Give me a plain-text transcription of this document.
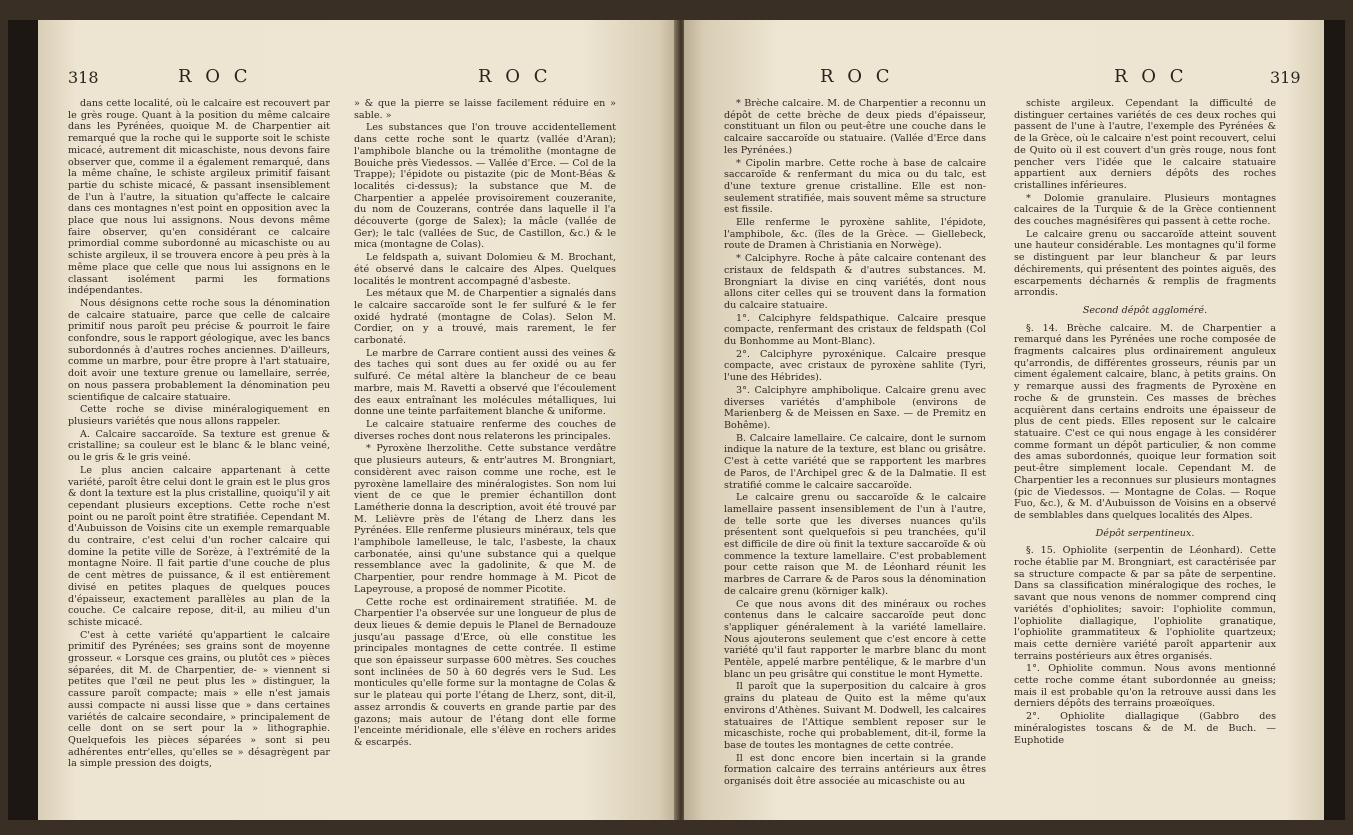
318	R O C	R O C

dans cette localité, où le calcaire est recouvert par le grès rouge. Quant à la position du même calcaire dans les Pyrénées, quoique M. de Charpentier ait remarqué que la roche qui le supporte soit le schiste micacé, autrement dit micaschiste, nous devons faire observer que, comme il a également remarqué, dans la même chaîne, le schiste argileux primitif faisant partie du schiste micacé, & passant insensiblement de l'un à l'autre, la situation qu'affecte le calcaire dans ces montagnes n'est point en opposition avec la place que nous lui assignons. Nous devons même faire observer, qu'en considérant ce calcaire primordial comme subordonné au micaschiste ou au schiste argileux, il se trouvera encore à peu près à la même place que celle que nous lui assignons en le classant isolément parmi les formations indépendantes.

Nous désignons cette roche sous la dénomination de calcaire statuaire, parce que celle de calcaire primitif nous paroît peu précise & pourroit le faire confondre, sous le rapport géologique, avec les bancs subordonnés à d'autres roches anciennes. D'ailleurs, comme un marbre, pour être propre à l'art statuaire, doit avoir une texture grenue ou lamellaire, serrée, on nous passera probablement la dénomination peu scientifique de calcaire statuaire.

Cette roche se divise minéralogiquement en plusieurs variétés que nous allons rappeler.

A. Calcaire saccaroïde. Sa texture est grenue & cristalline; sa couleur est le blanc & le blanc veiné, ou le gris & le gris veiné.

Le plus ancien calcaire appartenant à cette variété, paroît être celui dont le grain est le plus gros & dont la texture est la plus cristalline, quoiqu'il y ait cependant plusieurs exceptions. Cette roche n'est point ou ne paroît point être stratifiée. Cependant M. d'Aubuisson de Voisins cite un exemple remarquable du contraire, c'est celui d'un rocher calcaire qui domine la petite ville de Sorèze, à l'extrémité de la montagne Noire. Il fait partie d'une couche de plus de cent mètres de puissance, & il est entièrement divisé en petites plaques de quelques pouces d'épaisseur, exactement parallèles au plan de la couche. Ce calcaire repose, dit-il, au milieu d'un schiste micacé.

C'est à cette variété qu'appartient le calcaire primitif des Pyrénées; ses grains sont de moyenne grosseur. « Lorsque ces grains, ou plutôt ces » pièces séparées, dit M. de Charpentier, de- » viennent si petites que l'œil ne peut plus les » distinguer, la cassure paroît compacte; mais » elle n'est jamais aussi compacte ni aussi lisse que » dans certaines variétés de calcaire secondaire, » principalement de celle dont on se sert pour la » lithographie. Quelquefois les pièces séparées » sont si peu adhérentes entr'elles, qu'elles se » désagrègent par la simple pression des doigts,

» & que la pierre se laisse facilement réduire en » sable. »

Les substances que l'on trouve accidentellement dans cette roche sont le quartz (vallée d'Aran); l'amphibole blanche ou la trémolithe (montagne de Bouiche près Viedessos. — Vallée d'Erce. — Col de la Trappe); l'épidote ou pistazite (pic de Mont-Béas & localités ci-dessus); la substance que M. de Charpentier a appelée provisoirement couzeranite, du nom de Couzerans, contrée dans laquelle il l'a découverte (gorge de Salex); la mâcle (vallée de Ger); le talc (vallées de Suc, de Castillon, &c.) & le mica (montagne de Colas).

Le feldspath a, suivant Dolomieu & M. Brochant, été observé dans le calcaire des Alpes. Quelques localités le montrent accompagné d'asbeste.

Les métaux que M. de Charpentier a signalés dans le calcaire saccaroïde sont le fer sulfuré & le fer oxidé hydraté (montagne de Colas). Selon M. Cordier, on y a trouvé, mais rarement, le fer carbonaté.

Le marbre de Carrare contient aussi des veines & des taches qui sont dues au fer oxidé ou au fer sulfuré. Ce métal altère la blancheur de ce beau marbre, mais M. Ravetti a observé que l'écoulement des eaux entraînant les molécules métalliques, lui donne une teinte parfaitement blanche & uniforme.

Le calcaire statuaire renferme des couches de diverses roches dont nous relaterons les principales.

* Pyroxène lherzolithe. Cette substance verdâtre que plusieurs auteurs, & entr'autres M. Brongniart, considèrent avec raison comme une roche, est le pyroxène lamellaire des minéralogistes. Son nom lui vient de ce que le premier échantillon dont Lamétherie donna la description, avoit été trouvé par M. Lelièvre près de l'étang de Lherz dans les Pyrénées. Elle renferme plusieurs minéraux, tels que l'amphibole lamelleuse, le talc, l'asbeste, la chaux carbonatée, ainsi qu'une substance qui a quelque ressemblance avec la gadolinite, & que M. de Charpentier, pour rendre hommage à M. Picot de Lapeyrouse, a proposé de nommer Picotite.

Cette roche est ordinairement stratifiée. M. de Charpentier l'a observée sur une longueur de plus de deux lieues & demie depuis le Planel de Bernadouze jusqu'au passage d'Erce, où elle constitue les principales montagnes de cette contrée. Il estime que son épaisseur surpasse 600 mètres. Ses couches sont inclinées de 50 à 60 degrés vers le Sud. Les monticules qu'elle forme sur la montagne de Colas & sur le plateau qui porte l'étang de Lherz, sont, dit-il, assez arrondis & couverts en grande partie par des gazons; mais autour de l'étang dont elle forme l'enceinte méridionale, elle s'élève en rochers arides & escarpés.

R O C	R O C	319

* Brèche calcaire. M. de Charpentier a reconnu un dépôt de cette brèche de deux pieds d'épaisseur, constituant un filon ou peut-être une couche dans le calcaire saccaroïde ou statuaire. (Vallée d'Erce dans les Pyrénées.)

* Cipolin marbre. Cette roche à base de calcaire saccaroïde & renfermant du mica ou du talc, est d'une texture grenue cristalline. Elle est non-seulement stratifiée, mais souvent même sa structure est fissile.

Elle renferme le pyroxène sahlite, l'épidote, l'amphibole, &c. (îles de la Grèce. — Giellebeck, route de Dramen à Christiania en Norwège).

* Calciphyre. Roche à pâte calcaire contenant des cristaux de feldspath & d'autres substances. M. Brongniart la divise en cinq variétés, dont nous allons citer celles qui se trouvent dans la formation du calcaire statuaire.

1°. Calciphyre feldspathique. Calcaire presque compacte, renfermant des cristaux de feldspath (Col du Bonhomme au Mont-Blanc).

2°. Calciphyre pyroxénique. Calcaire presque compacte, avec cristaux de pyroxène sahlite (Tyri, l'une des Hébrides).

3°. Calciphyre amphibolique. Calcaire grenu avec diverses variétés d'amphibole (environs de Marienberg & de Meissen en Saxe. — de Premitz en Bohême).

B. Calcaire lamellaire. Ce calcaire, dont le surnom indique la nature de la texture, est blanc ou grisâtre. C'est à cette variété que se rapportent les marbres de Paros, de l'Archipel grec & de la Dalmatie. Il est stratifié comme le calcaire saccaroïde.

Le calcaire grenu ou saccaroïde & le calcaire lamellaire passent insensiblement de l'un à l'autre, de telle sorte que les diverses nuances qu'ils présentent sont quelquefois si peu tranchées, qu'il est difficile de dire où finit la texture saccaroïde & où commence la texture lamellaire. C'est probablement pour cette raison que M. de Léonhard réunit les marbres de Carrare & de Paros sous la dénomination de calcaire grenu (körniger kalk).

Ce que nous avons dit des minéraux ou roches contenus dans le calcaire saccaroïde peut donc s'appliquer généralement à la variété lamellaire. Nous ajouterons seulement que c'est encore à cette variété qu'il faut rapporter le marbre blanc du mont Pentèle, appelé marbre pentélique, & le marbre d'un blanc un peu grisâtre qui constitue le mont Hymette.

Il paroît que la superposition du calcaire à gros grains du plateau de Quito est la même qu'aux environs d'Athènes. Suivant M. Dodwell, les calcaires statuaires de l'Attique semblent reposer sur le micaschiste, roche qui probablement, dit-il, forme la base de toutes les montagnes de cette contrée.

Il est donc encore bien incertain si la grande formation calcaire des terrains antérieurs aux êtres organisés doit être associée au micaschiste ou au

schiste argileux. Cependant la difficulté de distinguer certaines variétés de ces deux roches qui passent de l'une à l'autre, l'exemple des Pyrénées & de la Grèce, où le calcaire n'est point recouvert, celui de Quito où il est couvert d'un grès rouge, nous font pencher vers l'idée que le calcaire statuaire appartient aux derniers dépôts des roches cristallines inférieures.

* Dolomie granulaire. Plusieurs montagnes calcaires de la Turquie & de la Grèce contiennent des couches magnésifères qui passent à cette roche.

Le calcaire grenu ou saccaroïde atteint souvent une hauteur considérable. Les montagnes qu'il forme se distinguent par leur blancheur & par leurs déchirements, qui présentent des pointes aiguës, des escarpements décharnés & remplis de fragments arrondis.

Second dépôt aggloméré.

§. 14. Brèche calcaire. M. de Charpentier a remarqué dans les Pyrénées une roche composée de fragments calcaires plus ordinairement anguleux qu'arrondis, de différentes grosseurs, réunis par un ciment également calcaire, blanc, à petits grains. On y remarque aussi des fragments de Pyroxène en roche & de grunstein. Ces masses de brèches acquièrent dans certains endroits une épaisseur de plus de cent pieds. Elles reposent sur le calcaire statuaire. C'est ce qui nous engage à les considérer comme formant un dépôt particulier, & non comme des amas subordonnés, quoique leur formation soit peut-être simplement locale. Cependant M. de Charpentier les a reconnues sur plusieurs montagnes (pic de Viedessos. — Montagne de Colas. — Roque Fuo, &c.), & M. d'Aubuisson de Voisins en a observé de semblables dans quelques localités des Alpes.

Dépôt serpentineux.

§. 15. Ophiolite (serpentin de Léonhard). Cette roche établie par M. Brongniart, est caractérisée par sa structure compacte & par sa pâte de serpentine. Dans sa classification minéralogique des roches, le savant que nous venons de nommer comprend cinq variétés d'ophiolites; savoir: l'ophiolite commun, l'ophiolite diallagique, l'ophiolite granatique, l'ophiolite grammatiteux & l'ophiolite quartzeux; mais cette dernière variété paroît appartenir aux terrains postérieurs aux êtres organisés.

1°. Ophiolite commun. Nous avons mentionné cette roche comme étant subordonnée au gneiss; mais il est probable qu'on la retrouve aussi dans les derniers dépôts des terrains proæoïques.

2°. Ophiolite diallagique (Gabbro des minéralogistes toscans & de M. de Buch. — Euphotide
